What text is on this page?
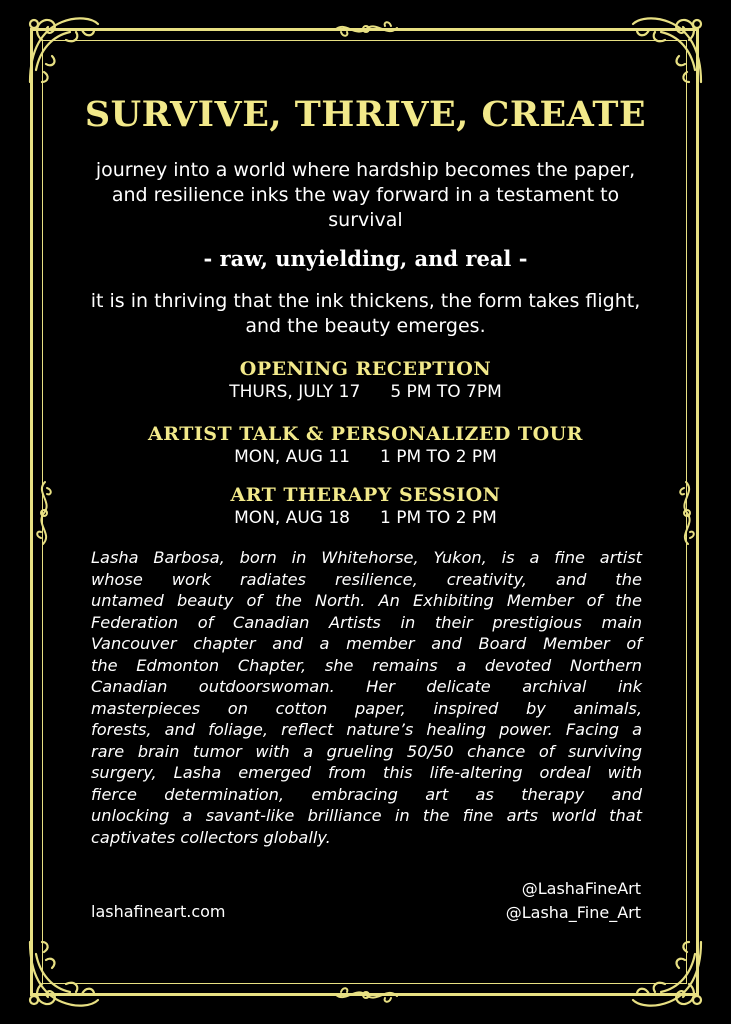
SURVIVE, THRIVE, CREATE
journey into a world where hardship becomes the paper, and resilience inks the way forward in a testament to survival
- raw, unyielding, and real -
it is in thriving that the ink thickens, the form takes flight, and the beauty emerges.
OPENING RECEPTION
THURS, JULY 17 5 PM TO 7PM
ARTIST TALK & PERSONALIZED TOUR
MON, AUG 11 1 PM TO 2 PM
ART THERAPY SESSION
MON, AUG 18 1 PM TO 2 PM
Lasha Barbosa, born in Whitehorse, Yukon, is a fine artist
whose work radiates resilience, creativity, and the
untamed beauty of the North. An Exhibiting Member of the
Federation of Canadian Artists in their prestigious main
Vancouver chapter and a member and Board Member of
the Edmonton Chapter, she remains a devoted Northern
Canadian outdoorswoman. Her delicate archival ink
masterpieces on cotton paper, inspired by animals,
forests, and foliage, reflect nature’s healing power. Facing a
rare brain tumor with a grueling 50/50 chance of surviving
surgery, Lasha emerged from this life-altering ordeal with
fierce determination, embracing art as therapy and
unlocking a savant-like brilliance in the fine arts world that
captivates collectors globally.
lashafineart.com
@LashaFineArt
@Lasha_Fine_Art
